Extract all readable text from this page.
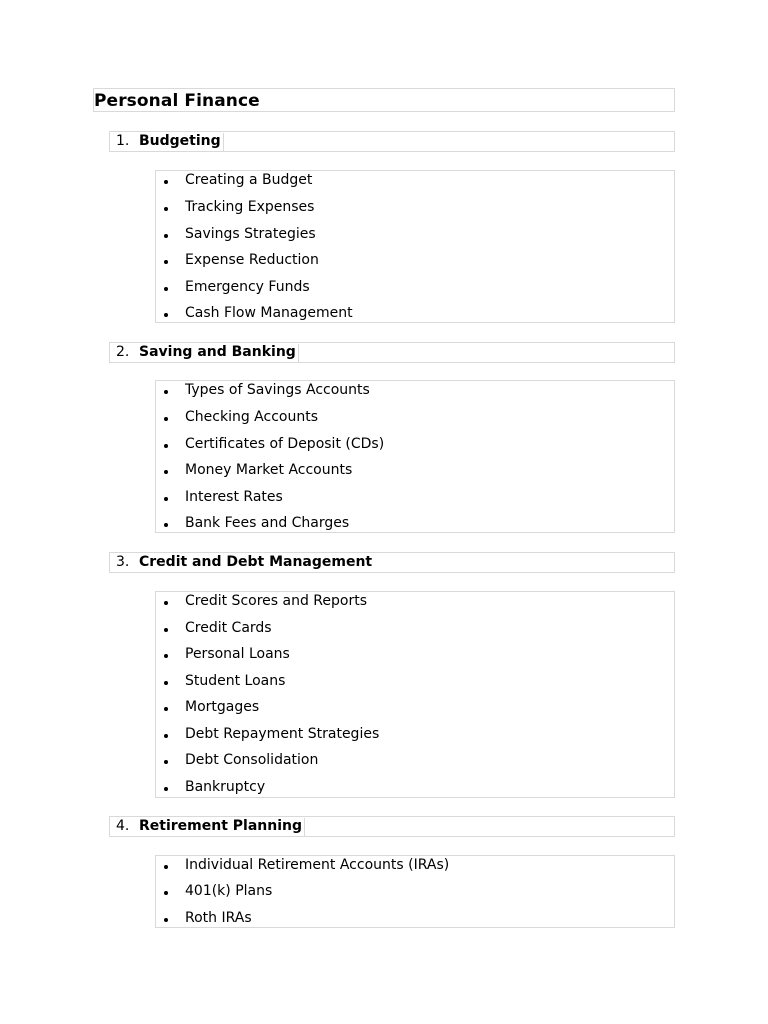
Personal Finance
1. Budgeting
Creating a Budget
Tracking Expenses
Savings Strategies
Expense Reduction
Emergency Funds
Cash Flow Management
2. Saving and Banking
Types of Savings Accounts
Checking Accounts
Certificates of Deposit (CDs)
Money Market Accounts
Interest Rates
Bank Fees and Charges
3. Credit and Debt Management
Credit Scores and Reports
Credit Cards
Personal Loans
Student Loans
Mortgages
Debt Repayment Strategies
Debt Consolidation
Bankruptcy
4. Retirement Planning
Individual Retirement Accounts (IRAs)
401(k) Plans
Roth IRAs
